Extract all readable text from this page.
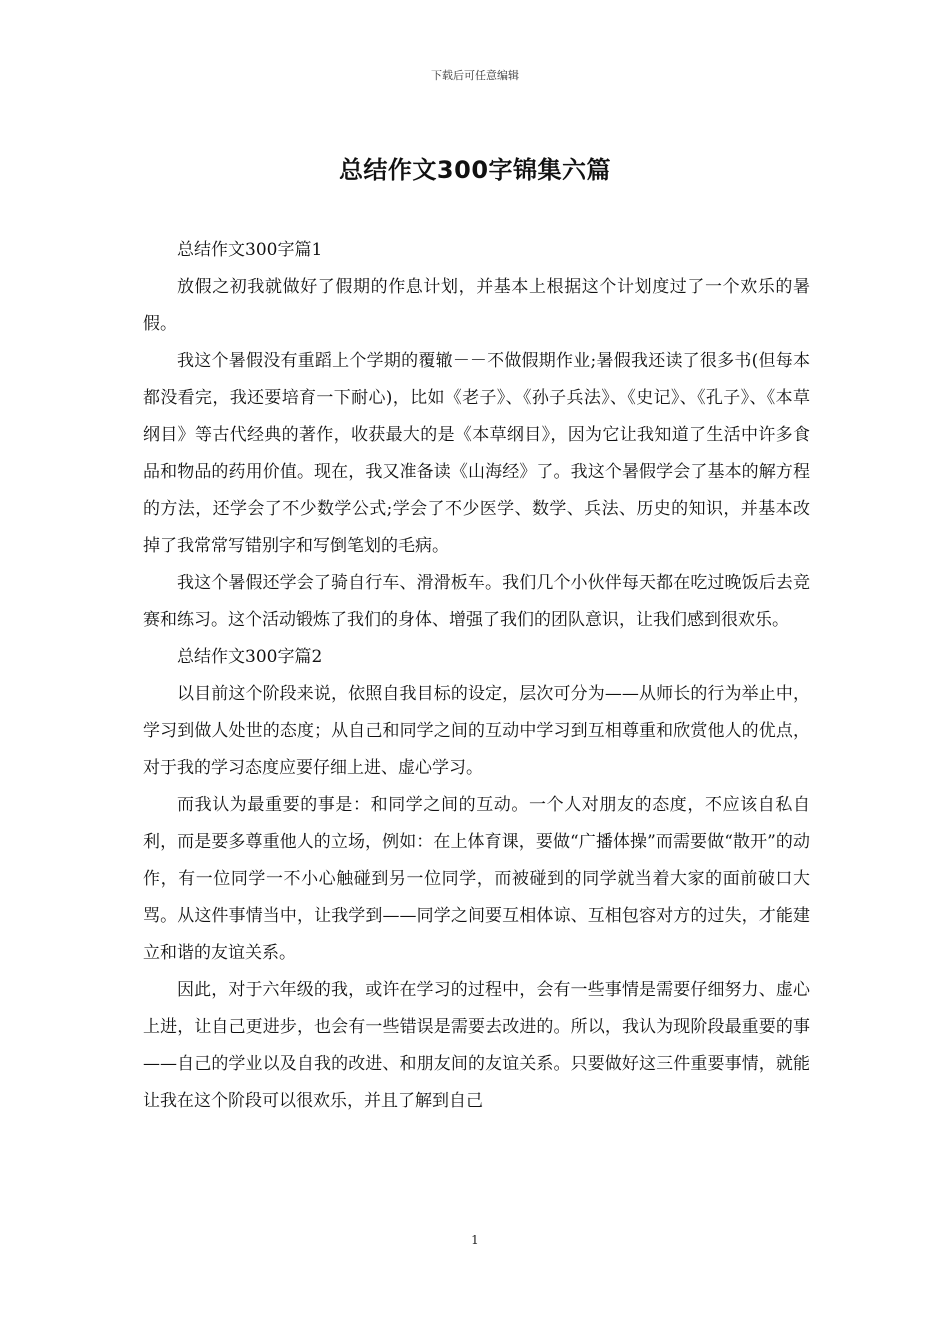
下载后可任意编辑
总结作文300字锦集六篇

总结作文300字篇1

放假之初我就做好了假期的作息计划，并基本上根据这个计划度过了一个欢乐的暑假。

我这个暑假没有重蹈上个学期的覆辙－－不做假期作业;暑假我还读了很多书(但每本都没看完，我还要培育一下耐心)，比如《老子》、《孙子兵法》、《史记》、《孔子》、《本草纲目》等古代经典的著作，收获最大的是《本草纲目》，因为它让我知道了生活中许多食品和物品的药用价值。现在，我又准备读《山海经》了。我这个暑假学会了基本的解方程的方法，还学会了不少数学公式;学会了不少医学、数学、兵法、历史的知识，并基本改掉了我常常写错别字和写倒笔划的毛病。

我这个暑假还学会了骑自行车、滑滑板车。我们几个小伙伴每天都在吃过晚饭后去竞赛和练习。这个活动锻炼了我们的身体、增强了我们的团队意识，让我们感到很欢乐。

总结作文300字篇2

以目前这个阶段来说，依照自我目标的设定，层次可分为——从师长的行为举止中，学习到做人处世的态度；从自己和同学之间的互动中学习到互相尊重和欣赏他人的优点，对于我的学习态度应要仔细上进、虚心学习。

而我认为最重要的事是：和同学之间的互动。一个人对朋友的态度，不应该自私自利，而是要多尊重他人的立场，例如：在上体育课，要做“广播体操”而需要做“散开”的动作，有一位同学一不小心触碰到另一位同学，而被碰到的同学就当着大家的面前破口大骂。从这件事情当中，让我学到——同学之间要互相体谅、互相包容对方的过失，才能建立和谐的友谊关系。

因此，对于六年级的我，或许在学习的过程中，会有一些事情是需要仔细努力、虚心上进，让自己更进步，也会有一些错误是需要去改进的。所以，我认为现阶段最重要的事——自己的学业以及自我的改进、和朋友间的友谊关系。只要做好这三件重要事情，就能让我在这个阶段可以很欢乐，并且了解到自己

1
